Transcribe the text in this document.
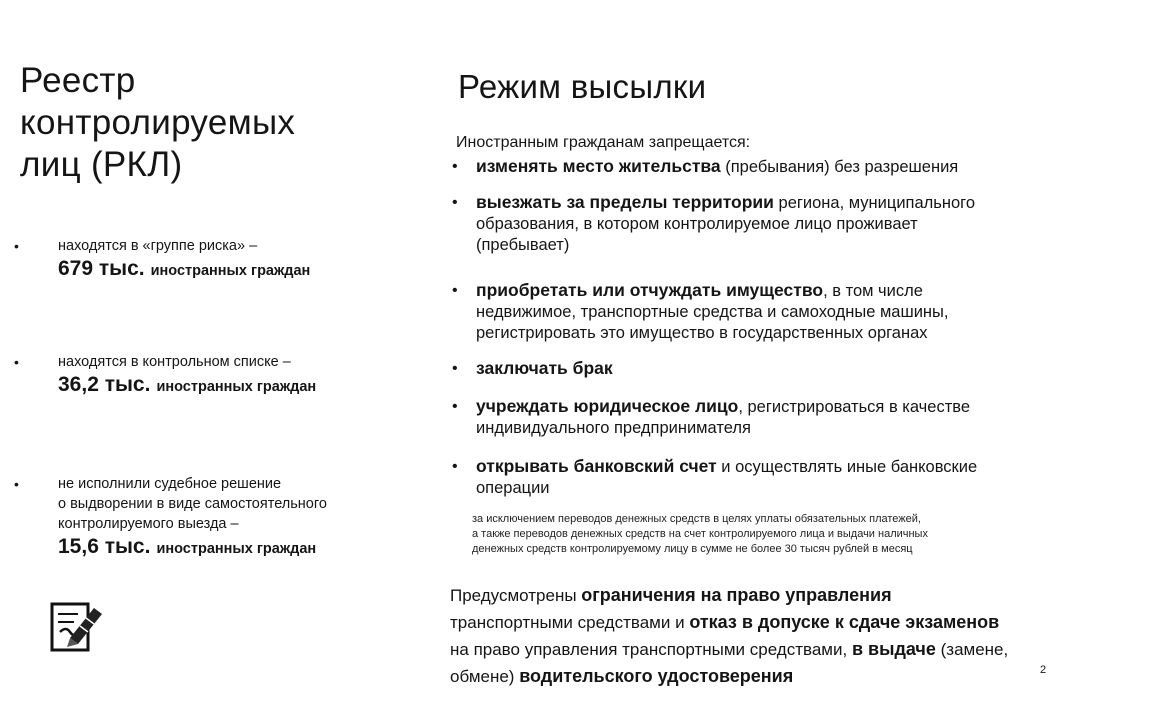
Реестр
контролируемых
лиц (РКЛ)
•	находятся в «группе риска» –
679 тыс. иностранных граждан
•	находятся в контрольном списке –
36,2 тыс. иностранных граждан
•	не исполнили судебное решение
о выдворении в виде самостоятельного
контролируемого выезда –
15,6 тыс. иностранных граждан
Режим высылки

Иностранным гражданам запрещается:

• изменять место жительства (пребывания) без разрешения
• выезжать за пределы территории региона, муниципального
образования, в котором контролируемое лицо проживает
(пребывает)
• приобретать или отчуждать имущество, в том числе
недвижимое, транспортные средства и самоходные машины,
регистрировать это имущество в государственных органах
• заключать брак
• учреждать юридическое лицо, регистрироваться в качестве
индивидуального предпринимателя
• открывать банковский счет и осуществлять иные банковские
операции
за исключением переводов денежных средств в целях уплаты обязательных платежей,
а также переводов денежных средств на счет контролируемого лица и выдачи наличных
денежных средств контролируемому лицу в сумме не более 30 тысяч рублей в месяц
Предусмотрены ограничения на право управления
транспортными средствами и отказ в допуске к сдаче экзаменов
на право управления транспортными средствами, в выдаче (замене,
обмене) водительского удостоверения	2
